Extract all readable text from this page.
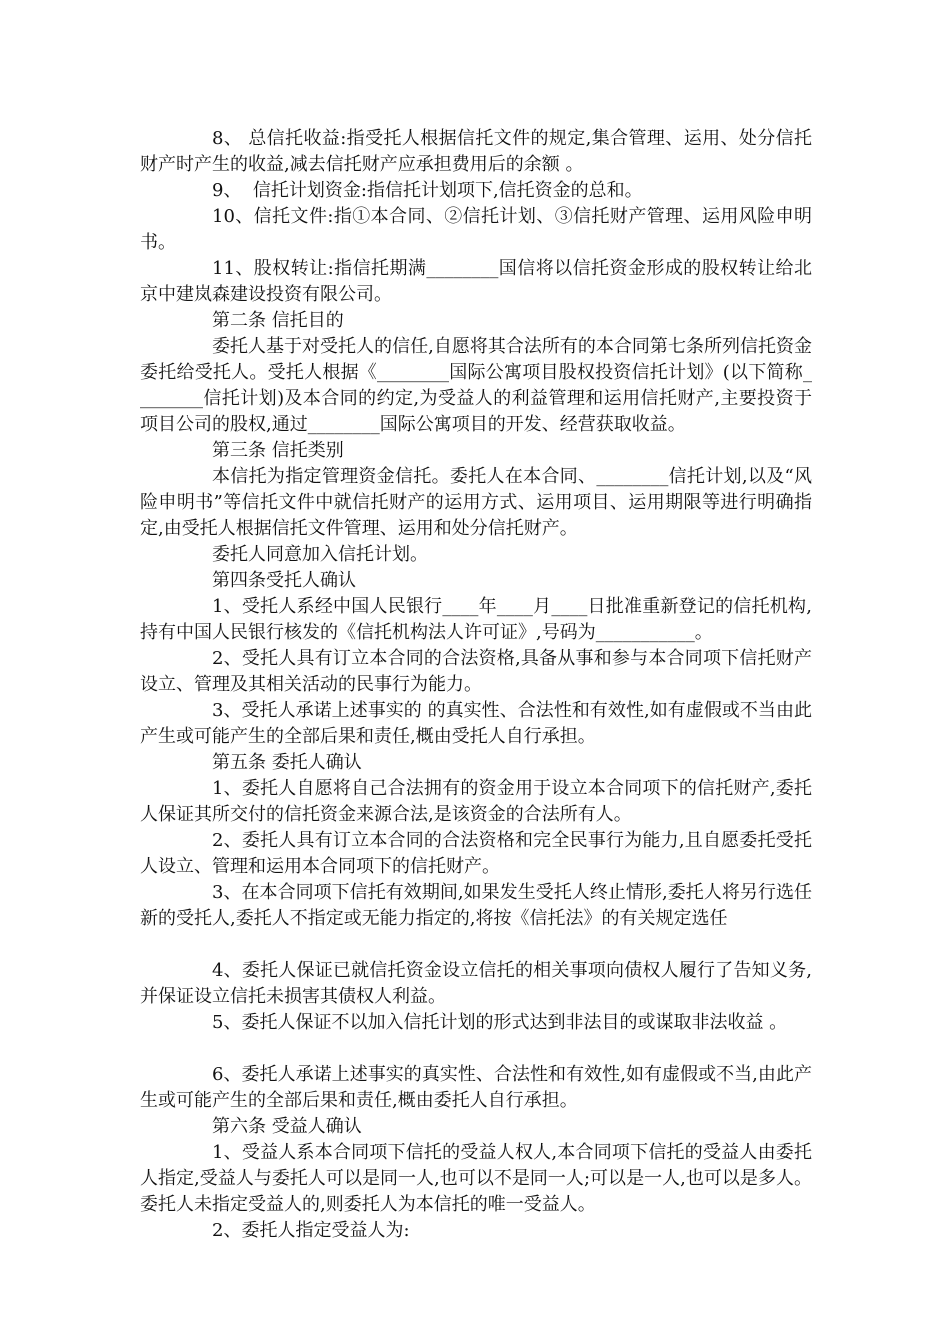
8、 总信托收益:指受托人根据信托文件的规定,集合管理、运用、处分信托财产时产生的收益,减去信托财产应承担费用后的余额 。

9、  信托计划资金:指信托计划项下,信托资金的总和。

10、信托文件:指①本合同、②信托计划、③信托财产管理、运用风险申明书。

11、股权转让:指信托期满________国信将以信托资金形成的股权转让给北京中建岚森建设投资有限公司。

第二条 信托目的

委托人基于对受托人的信任,自愿将其合法所有的本合同第七条所列信托资金委托给受托人。受托人根据《________国际公寓项目股权投资信托计划》(以下简称________信托计划)及本合同的约定,为受益人的利益管理和运用信托财产,主要投资于项目公司的股权,通过________国际公寓项目的开发、经营获取收益。

第三条 信托类别

本信托为指定管理资金信托。委托人在本合同、________信托计划,以及“风险申明书”等信托文件中就信托财产的运用方式、运用项目、运用期限等进行明确指定,由受托人根据信托文件管理、运用和处分信托财产。

委托人同意加入信托计划。

第四条受托人确认

1、受托人系经中国人民银行____年____月____日批准重新登记的信托机构,持有中国人民银行核发的《信托机构法人许可证》,号码为___________。

2、受托人具有订立本合同的合法资格,具备从事和参与本合同项下信托财产设立、管理及其相关活动的民事行为能力。

3、受托人承诺上述事实的 的真实性、合法性和有效性,如有虚假或不当由此产生或可能产生的全部后果和责任,概由受托人自行承担。

第五条 委托人确认

1、委托人自愿将自己合法拥有的资金用于设立本合同项下的信托财产,委托人保证其所交付的信托资金来源合法,是该资金的合法所有人。

2、委托人具有订立本合同的合法资格和完全民事行为能力,且自愿委托受托人设立、管理和运用本合同项下的信托财产。

3、在本合同项下信托有效期间,如果发生受托人终止情形,委托人将另行选任新的受托人,委托人不指定或无能力指定的,将按《信托法》的有关规定选任

4、委托人保证已就信托资金设立信托的相关事项向债权人履行了告知义务,并保证设立信托未损害其债权人利益。

5、委托人保证不以加入信托计划的形式达到非法目的或谋取非法收益 。

6、委托人承诺上述事实的真实性、合法性和有效性,如有虚假或不当,由此产生或可能产生的全部后果和责任,概由委托人自行承担。

第六条 受益人确认

1、受益人系本合同项下信托的受益人权人,本合同项下信托的受益人由委托人指定,受益人与委托人可以是同一人,也可以不是同一人;可以是一人,也可以是多人。委托人未指定受益人的,则委托人为本信托的唯一受益人。

2、委托人指定受益人为:
